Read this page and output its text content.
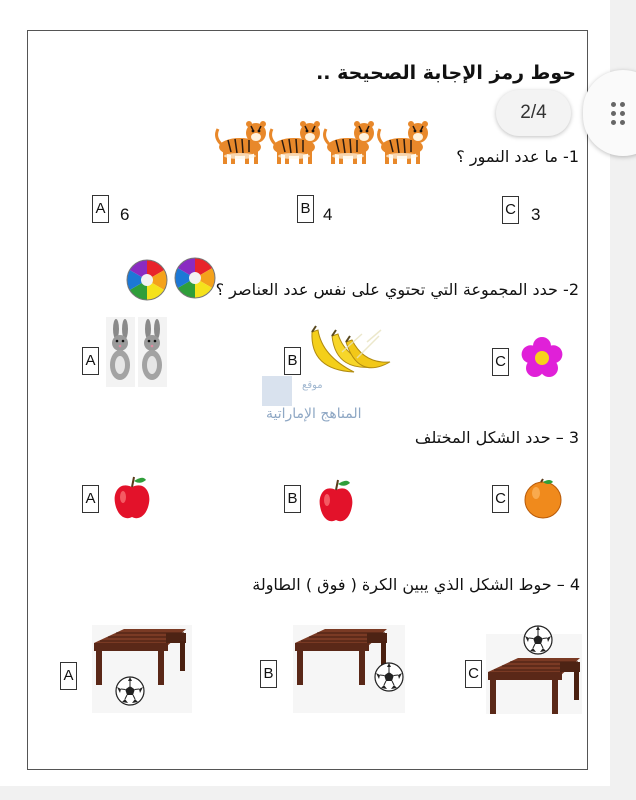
حوط رمز الإجابة الصحيحة ..
1- ما عدد النمور ؟
A 6	B 4	C 3
2- حدد المجموعة التي تحتوي على نفس عدد العناصر ؟
A	B	C
موقع
المناهج الإماراتية
3 – حدد الشكل المختلف
A	B	C
4 – حوط الشكل الذي يبين الكرة ( فوق ) الطاولة
A	B	C
2/4
